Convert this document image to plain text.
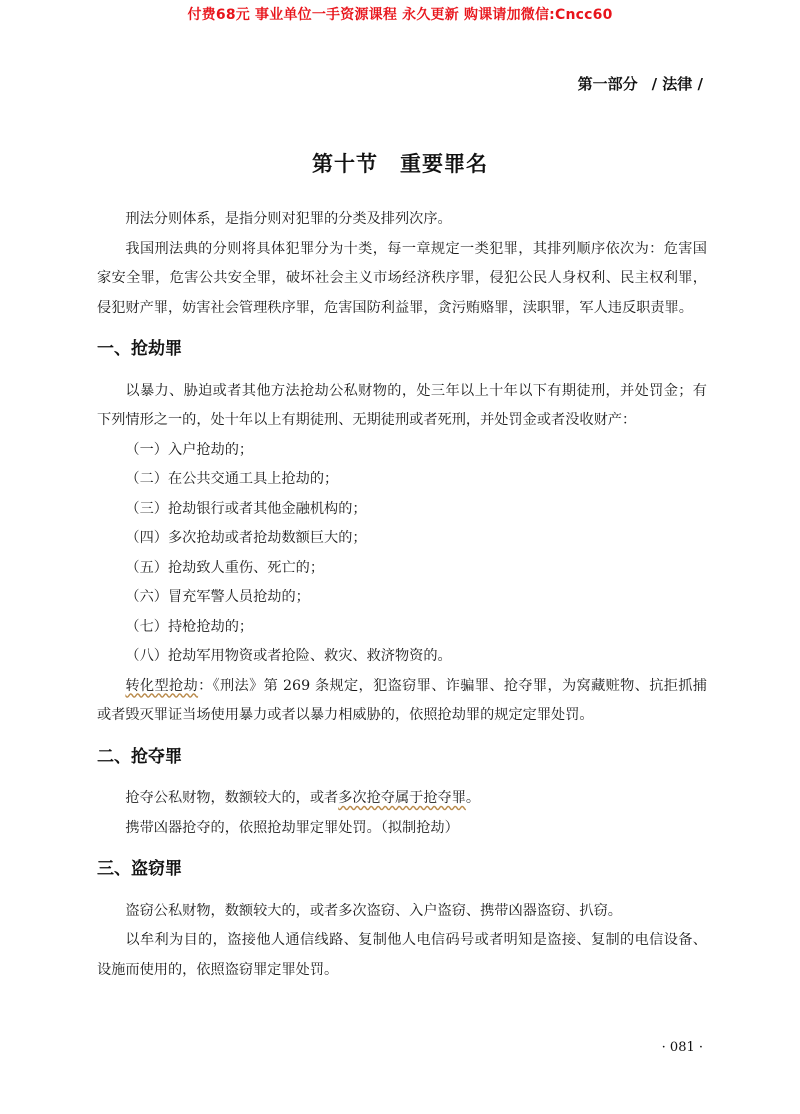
付费68元 事业单位一手资源课程 永久更新 购课请加微信:Cncc60
第一部分 / 法律 /
第十节 重要罪名

刑法分则体系，是指分则对犯罪的分类及排列次序。

我国刑法典的分则将具体犯罪分为十类，每一章规定一类犯罪，其排列顺序依次为：危害国家安全罪，危害公共安全罪，破坏社会主义市场经济秩序罪，侵犯公民人身权利、民主权利罪，侵犯财产罪，妨害社会管理秩序罪，危害国防利益罪，贪污贿赂罪，渎职罪，军人违反职责罪。

一、抢劫罪

以暴力、胁迫或者其他方法抢劫公私财物的，处三年以上十年以下有期徒刑，并处罚金；有下列情形之一的，处十年以上有期徒刑、无期徒刑或者死刑，并处罚金或者没收财产：

（一）入户抢劫的；

（二）在公共交通工具上抢劫的；

（三）抢劫银行或者其他金融机构的；

（四）多次抢劫或者抢劫数额巨大的；

（五）抢劫致人重伤、死亡的；

（六）冒充军警人员抢劫的；

（七）持枪抢劫的；

（八）抢劫军用物资或者抢险、救灾、救济物资的。

转化型抢劫：《刑法》第 269 条规定，犯盗窃罪、诈骗罪、抢夺罪，为窝藏赃物、抗拒抓捕或者毁灭罪证当场使用暴力或者以暴力相威胁的，依照抢劫罪的规定定罪处罚。

二、抢夺罪

抢夺公私财物，数额较大的，或者多次抢夺属于抢夺罪。

携带凶器抢夺的，依照抢劫罪定罪处罚。（拟制抢劫）

三、盗窃罪

盗窃公私财物，数额较大的，或者多次盗窃、入户盗窃、携带凶器盗窃、扒窃。

以牟利为目的，盗接他人通信线路、复制他人电信码号或者明知是盗接、复制的电信设备、设施而使用的，依照盗窃罪定罪处罚。

· 081 ·
